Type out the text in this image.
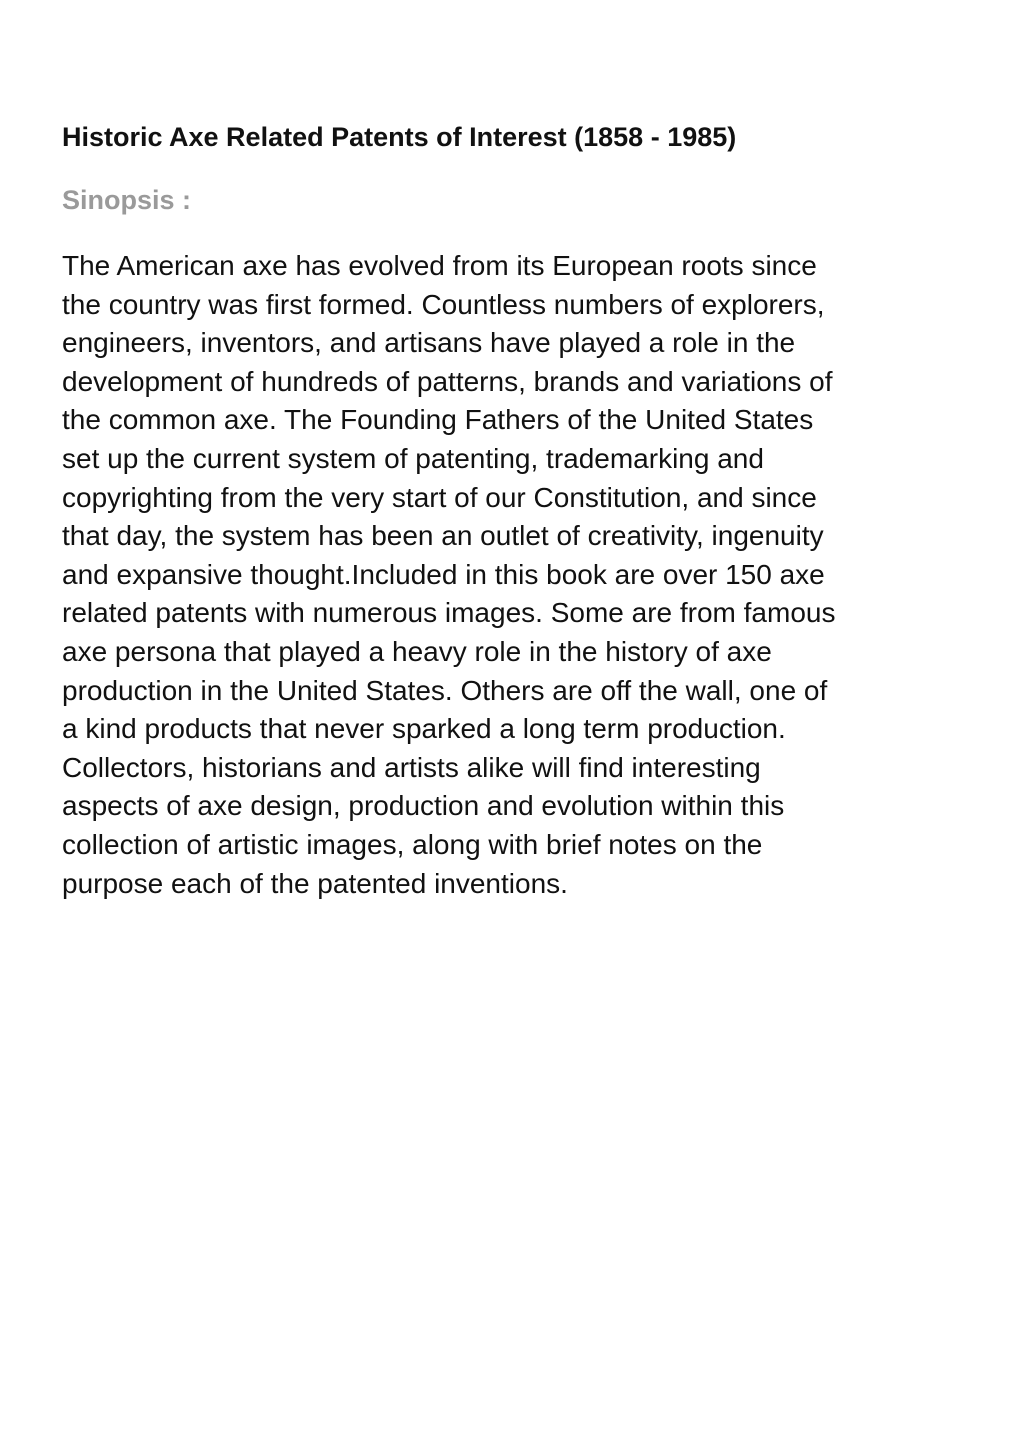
Historic Axe Related Patents of Interest (1858 - 1985)
Sinopsis :
The American axe has evolved from its European roots since
the country was first formed. Countless numbers of explorers,
engineers, inventors, and artisans have played a role in the
development of hundreds of patterns, brands and variations of
the common axe. The Founding Fathers of the United States
set up the current system of patenting, trademarking and
copyrighting from the very start of our Constitution, and since
that day, the system has been an outlet of creativity, ingenuity
and expansive thought.Included in this book are over 150 axe
related patents with numerous images. Some are from famous
axe persona that played a heavy role in the history of axe
production in the United States. Others are off the wall, one of
a kind products that never sparked a long term production.
Collectors, historians and artists alike will find interesting
aspects of axe design, production and evolution within this
collection of artistic images, along with brief notes on the
purpose each of the patented inventions.
